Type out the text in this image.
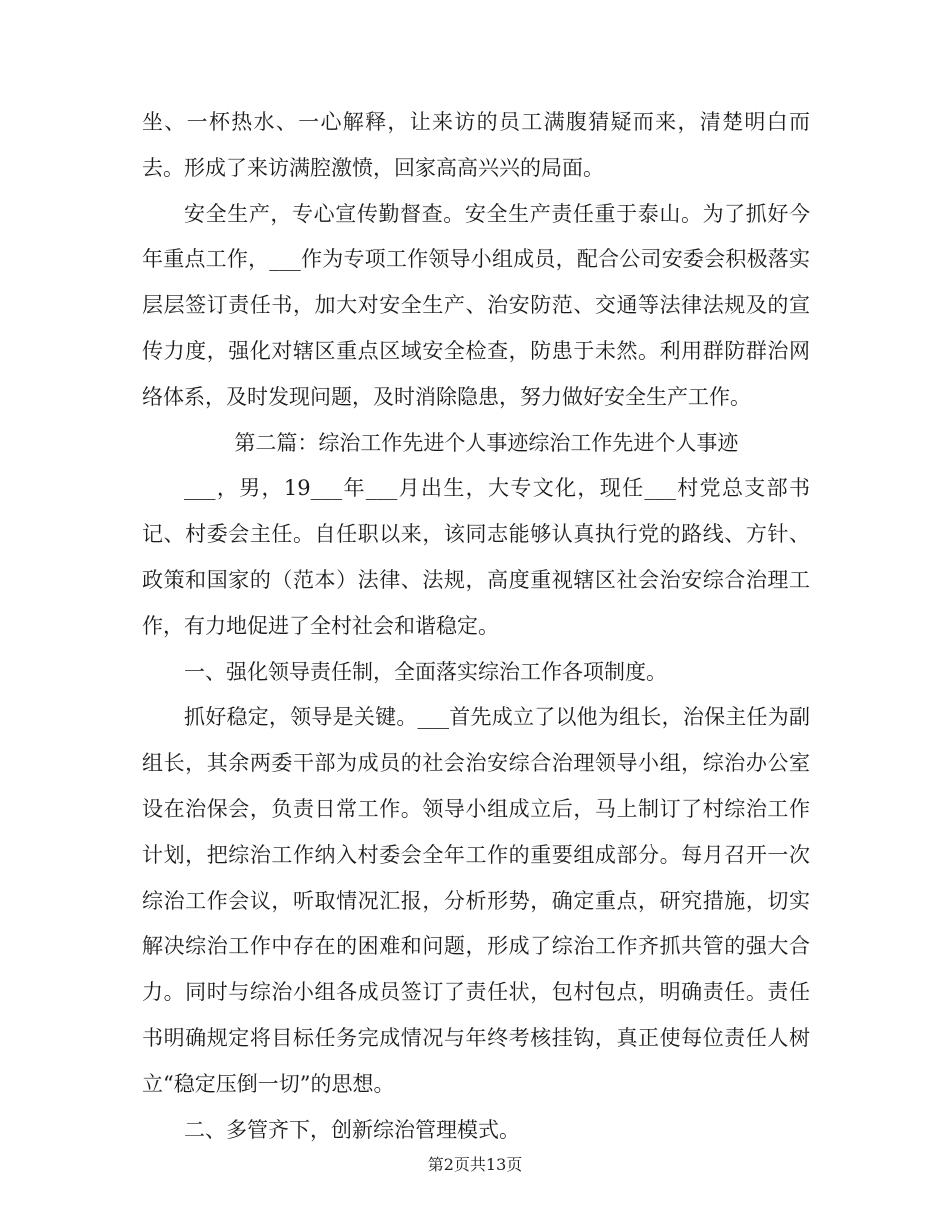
坐、一杯热水、一心解释，让来访的员工满腹猜疑而来，清楚明白而去。形成了来访满腔激愤，回家高高兴兴的局面。

安全生产，专心宣传勤督查。安全生产责任重于泰山。为了抓好今年重点工作，___作为专项工作领导小组成员，配合公司安委会积极落实层层签订责任书，加大对安全生产、治安防范、交通等法律法规及的宣传力度，强化对辖区重点区域安全检查，防患于未然。利用群防群治网络体系，及时发现问题，及时消除隐患，努力做好安全生产工作。

第二篇：综治工作先进个人事迹综治工作先进个人事迹

___，男，19___年___月出生，大专文化，现任___村党总支部书记、村委会主任。自任职以来，该同志能够认真执行党的路线、方针、政策和国家的（范本）法律、法规，高度重视辖区社会治安综合治理工作，有力地促进了全村社会和谐稳定。

一、强化领导责任制，全面落实综治工作各项制度。

抓好稳定，领导是关键。___首先成立了以他为组长，治保主任为副组长，其余两委干部为成员的社会治安综合治理领导小组，综治办公室设在治保会，负责日常工作。领导小组成立后，马上制订了村综治工作计划，把综治工作纳入村委会全年工作的重要组成部分。每月召开一次综治工作会议，听取情况汇报，分析形势，确定重点，研究措施，切实解决综治工作中存在的困难和问题，形成了综治工作齐抓共管的强大合力。同时与综治小组各成员签订了责任状，包村包点，明确责任。责任书明确规定将目标任务完成情况与年终考核挂钩，真正使每位责任人树立“稳定压倒一切”的思想。

二、多管齐下，创新综治管理模式。

第2页共13页
